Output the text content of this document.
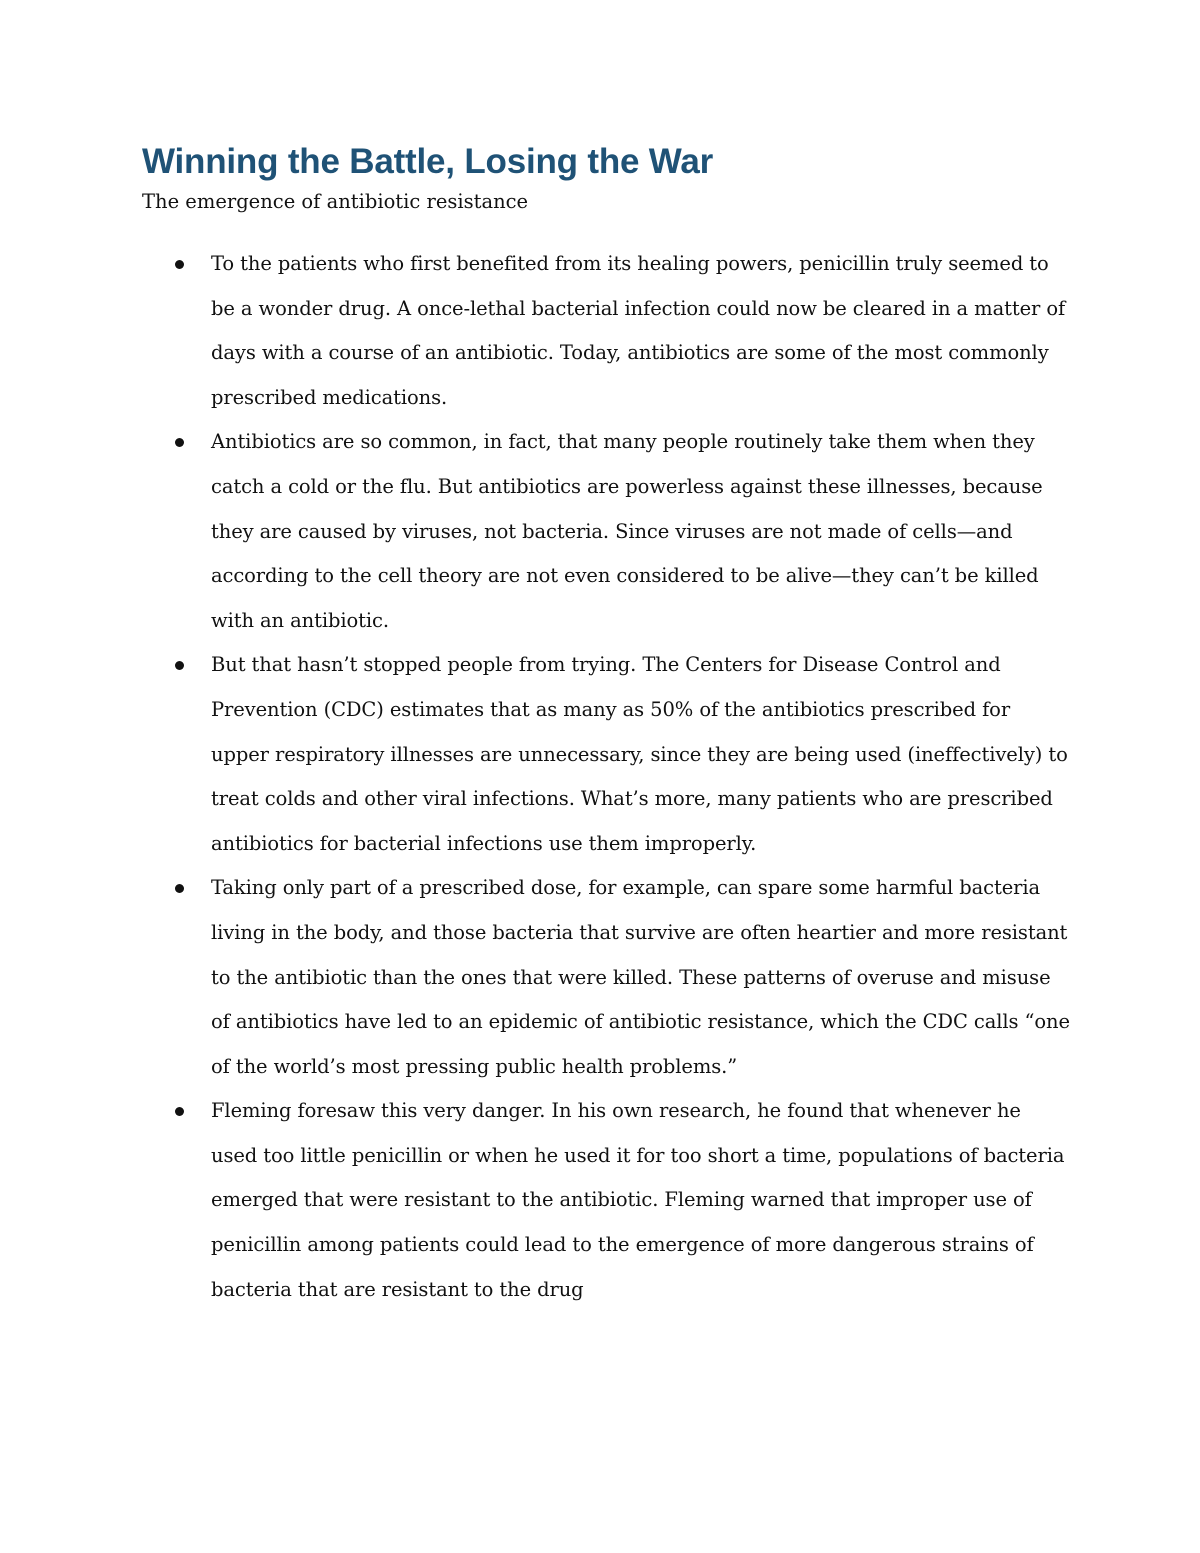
Winning the Battle, Losing the War

The emergence of antibiotic resistance

To the patients who first benefited from its healing powers, penicillin truly seemed to be a wonder drug. A once-lethal bacterial infection could now be cleared in a matter of days with a course of an antibiotic. Today, antibiotics are some of the most commonly prescribed medications.
Antibiotics are so common, in fact, that many people routinely take them when they catch a cold or the flu. But antibiotics are powerless against these illnesses, because they are caused by viruses, not bacteria. Since viruses are not made of cells—and according to the cell theory are not even considered to be alive—they can’t be killed with an antibiotic.
But that hasn’t stopped people from trying. The Centers for Disease Control and Prevention (CDC) estimates that as many as 50% of the antibiotics prescribed for upper respiratory illnesses are unnecessary, since they are being used (ineffectively) to treat colds and other viral infections. What’s more, many patients who are prescribed antibiotics for bacterial infections use them improperly.
Taking only part of a prescribed dose, for example, can spare some harmful bacteria living in the body, and those bacteria that survive are often heartier and more resistant to the antibiotic than the ones that were killed. These patterns of overuse and misuse of antibiotics have led to an epidemic of antibiotic resistance, which the CDC calls “one of the world’s most pressing public health problems.”
Fleming foresaw this very danger. In his own research, he found that whenever he used too little penicillin or when he used it for too short a time, populations of bacteria emerged that were resistant to the antibiotic. Fleming warned that improper use of penicillin among patients could lead to the emergence of more dangerous strains of bacteria that are resistant to the drug
